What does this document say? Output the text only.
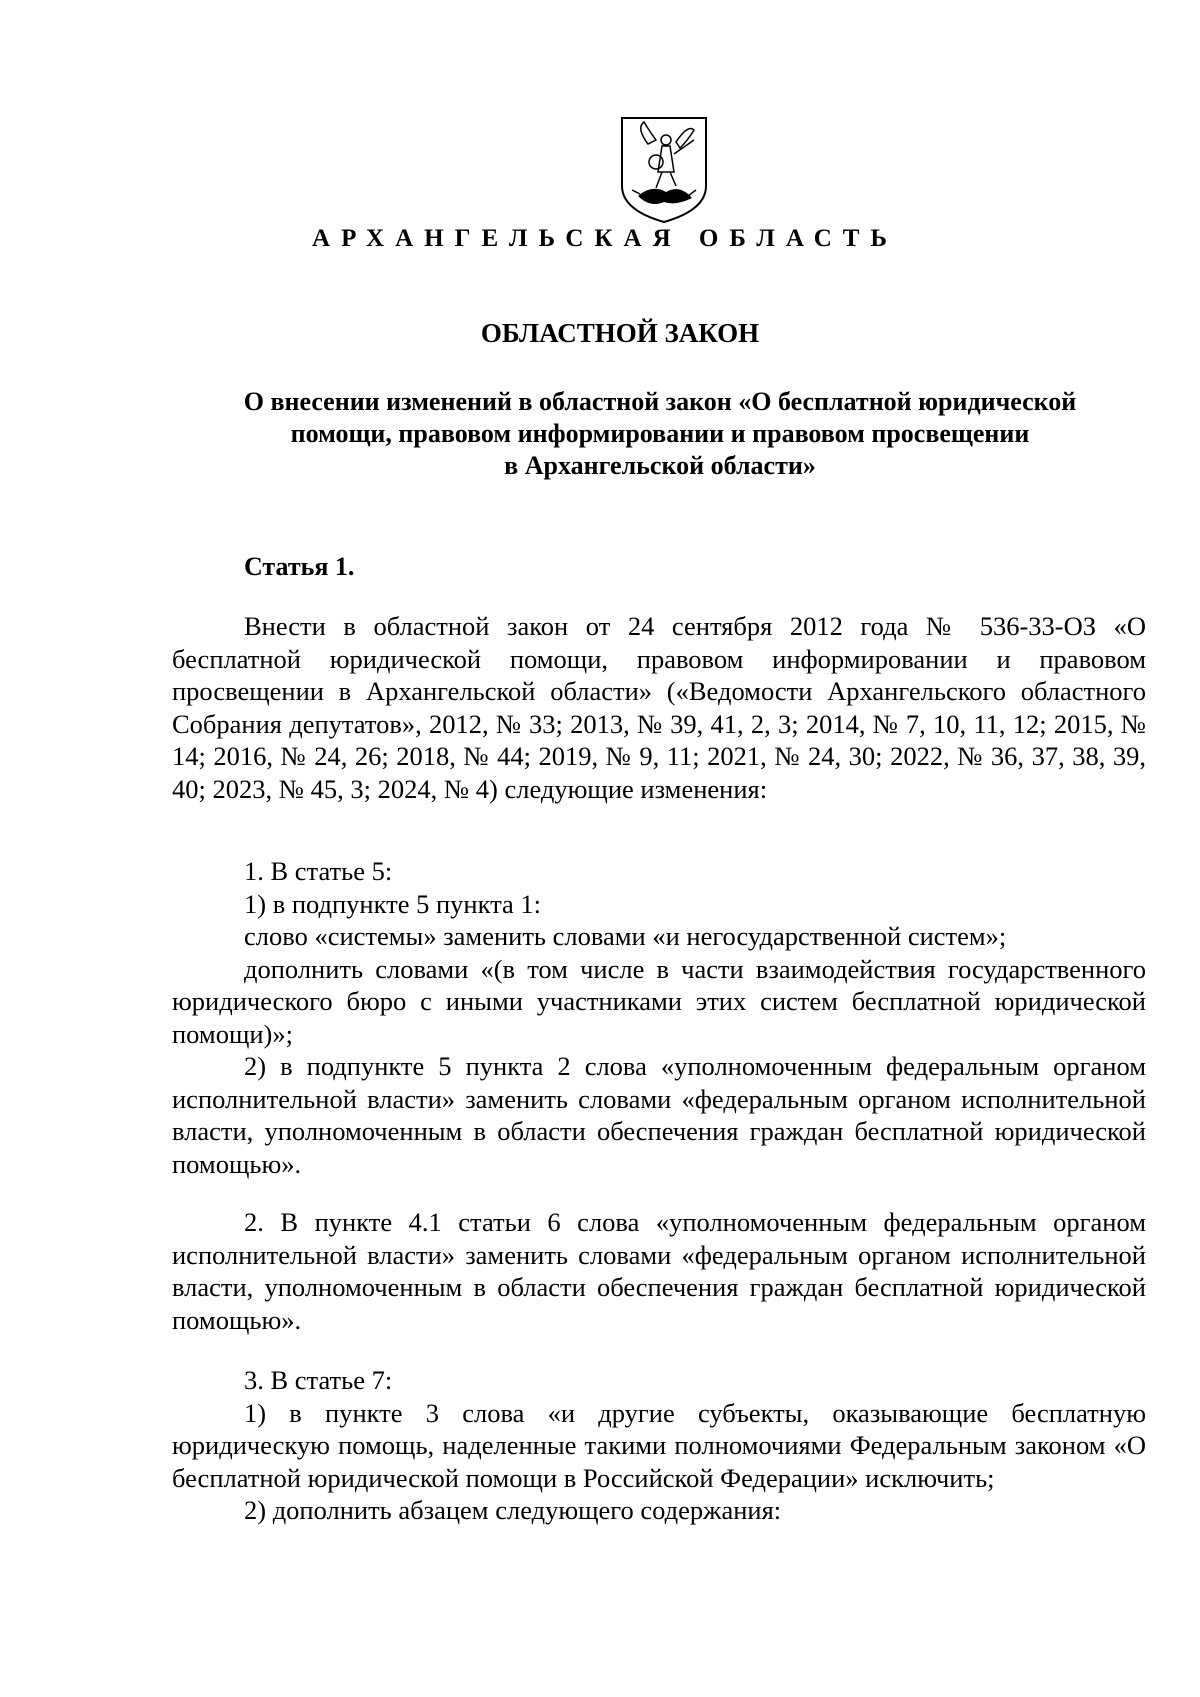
АРХАНГЕЛЬСКАЯ ОБЛАСТЬ
ОБЛАСТНОЙ ЗАКОН
О внесении изменений в областной закон «О бесплатной юридической
помощи, правовом информировании и правовом просвещении
в Архангельской области»
Статья 1.

Внести в областной закон от 24 сентября 2012 года № 536-33-ОЗ «О бесплатной юридической помощи, правовом информировании и правовом просвещении в Архангельской области» («Ведомости Архангельского областного Собрания депутатов», 2012, № 33; 2013, № 39, 41, 2, 3; 2014, № 7, 10, 11, 12; 2015, № 14; 2016, № 24, 26; 2018, № 44; 2019, № 9, 11; 2021, № 24, 30; 2022, № 36, 37, 38, 39, 40; 2023, № 45, 3; 2024, № 4) следующие изменения:

1. В статье 5:

1) в подпункте 5 пункта 1:

слово «системы» заменить словами «и негосударственной систем»;

дополнить словами «(в том числе в части взаимодействия государственного юридического бюро с иными участниками этих систем бесплатной юридической помощи)»;

2) в подпункте 5 пункта 2 слова «уполномоченным федеральным органом исполнительной власти» заменить словами «федеральным органом исполнительной власти, уполномоченным в области обеспечения граждан бесплатной юридической помощью».

2. В пункте 4.1 статьи 6 слова «уполномоченным федеральным органом исполнительной власти» заменить словами «федеральным органом исполнительной власти, уполномоченным в области обеспечения граждан бесплатной юридической помощью».

3. В статье 7:

1) в пункте 3 слова «и другие субъекты, оказывающие бесплатную юридическую помощь, наделенные такими полномочиями Федеральным законом «О бесплатной юридической помощи в Российской Федерации» исключить;

2) дополнить абзацем следующего содержания:
